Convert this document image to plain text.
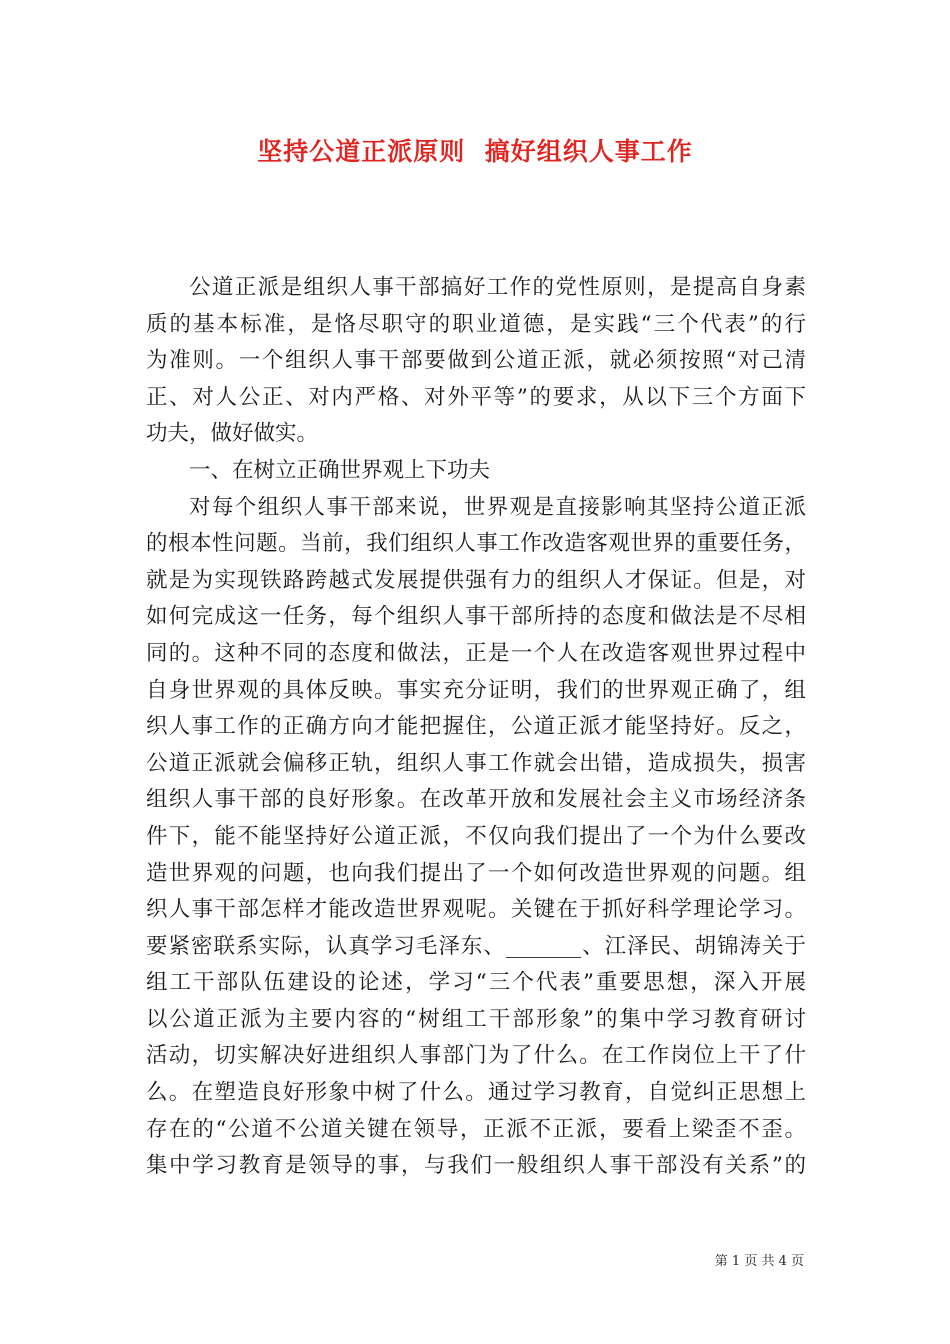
坚持公道正派原则  搞好组织人事工作
公道正派是组织人事干部搞好工作的党性原则，是提高自身素
质的基本标准，是恪尽职守的职业道德，是实践“三个代表”的行
为准则。一个组织人事干部要做到公道正派，就必须按照“对己清
正、对人公正、对内严格、对外平等”的要求，从以下三个方面下
功夫，做好做实。
一、在树立正确世界观上下功夫
对每个组织人事干部来说，世界观是直接影响其坚持公道正派
的根本性问题。当前，我们组织人事工作改造客观世界的重要任务，
就是为实现铁路跨越式发展提供强有力的组织人才保证。但是，对
如何完成这一任务，每个组织人事干部所持的态度和做法是不尽相
同的。这种不同的态度和做法，正是一个人在改造客观世界过程中
自身世界观的具体反映。事实充分证明，我们的世界观正确了，组
织人事工作的正确方向才能把握住，公道正派才能坚持好。反之，
公道正派就会偏移正轨，组织人事工作就会出错，造成损失，损害
组织人事干部的良好形象。在改革开放和发展社会主义市场经济条
件下，能不能坚持好公道正派，不仅向我们提出了一个为什么要改
造世界观的问题，也向我们提出了一个如何改造世界观的问题。组
织人事干部怎样才能改造世界观呢。关键在于抓好科学理论学习。
要紧密联系实际，认真学习毛泽东、_______、江泽民、胡锦涛关于
组工干部队伍建设的论述，学习“三个代表”重要思想，深入开展
以公道正派为主要内容的“树组工干部形象”的集中学习教育研讨
活动，切实解决好进组织人事部门为了什么。在工作岗位上干了什
么。在塑造良好形象中树了什么。通过学习教育，自觉纠正思想上
存在的“公道不公道关键在领导，正派不正派，要看上梁歪不歪。
集中学习教育是领导的事，与我们一般组织人事干部没有关系”的
第 1 页 共 4 页
